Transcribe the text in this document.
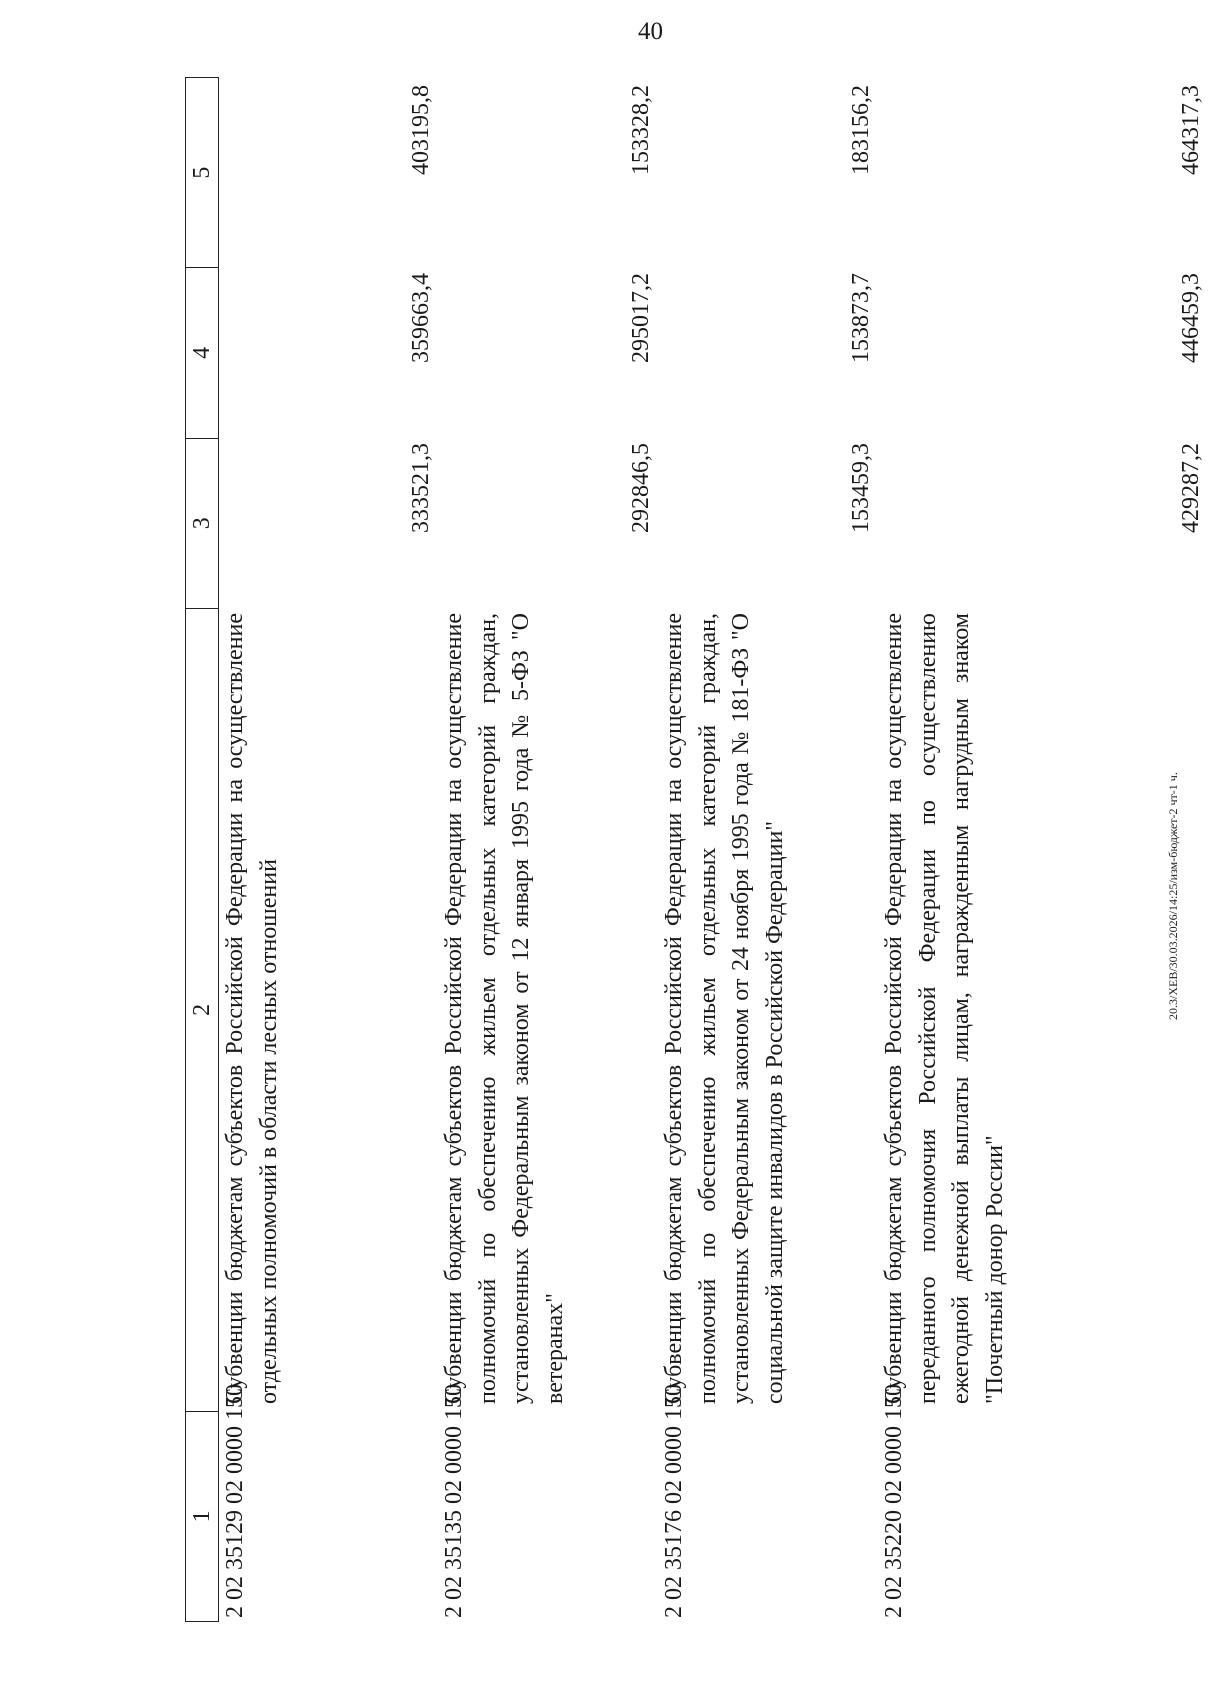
40
20.3/ХЕВ/30.03.2026/14:25/изм-бюджет-2 чт-1 ч.
1
2
3
4
5
2 02 35129 02 0000 150
Субвенции бюджетам субъектов Российской Федерации на осуществление отдельных полномочий в области лесных отношений
333521,3
359663,4
403195,8
2 02 35135 02 0000 150
Субвенции бюджетам субъектов Российской Федерации на осуществление полномочий по обеспечению жильем отдельных категорий граждан, установленных Федеральным законом от 12 января 1995 года № 5-ФЗ "О ветеранах"
292846,5
295017,2
153328,2
2 02 35176 02 0000 150
Субвенции бюджетам субъектов Российской Федерации на осуществление полномочий по обеспечению жильем отдельных категорий граждан, установленных Федеральным законом от 24 ноября 1995 года № 181-ФЗ "О социальной защите инвалидов в Российской Федерации"
153459,3
153873,7
183156,2
2 02 35220 02 0000 150
Субвенции бюджетам субъектов Российской Федерации на осуществление переданного полномочия Российской Федерации по осуществлению ежегодной денежной выплаты лицам, награжденным нагрудным знаком "Почетный донор России"
429287,2
446459,3
464317,3
